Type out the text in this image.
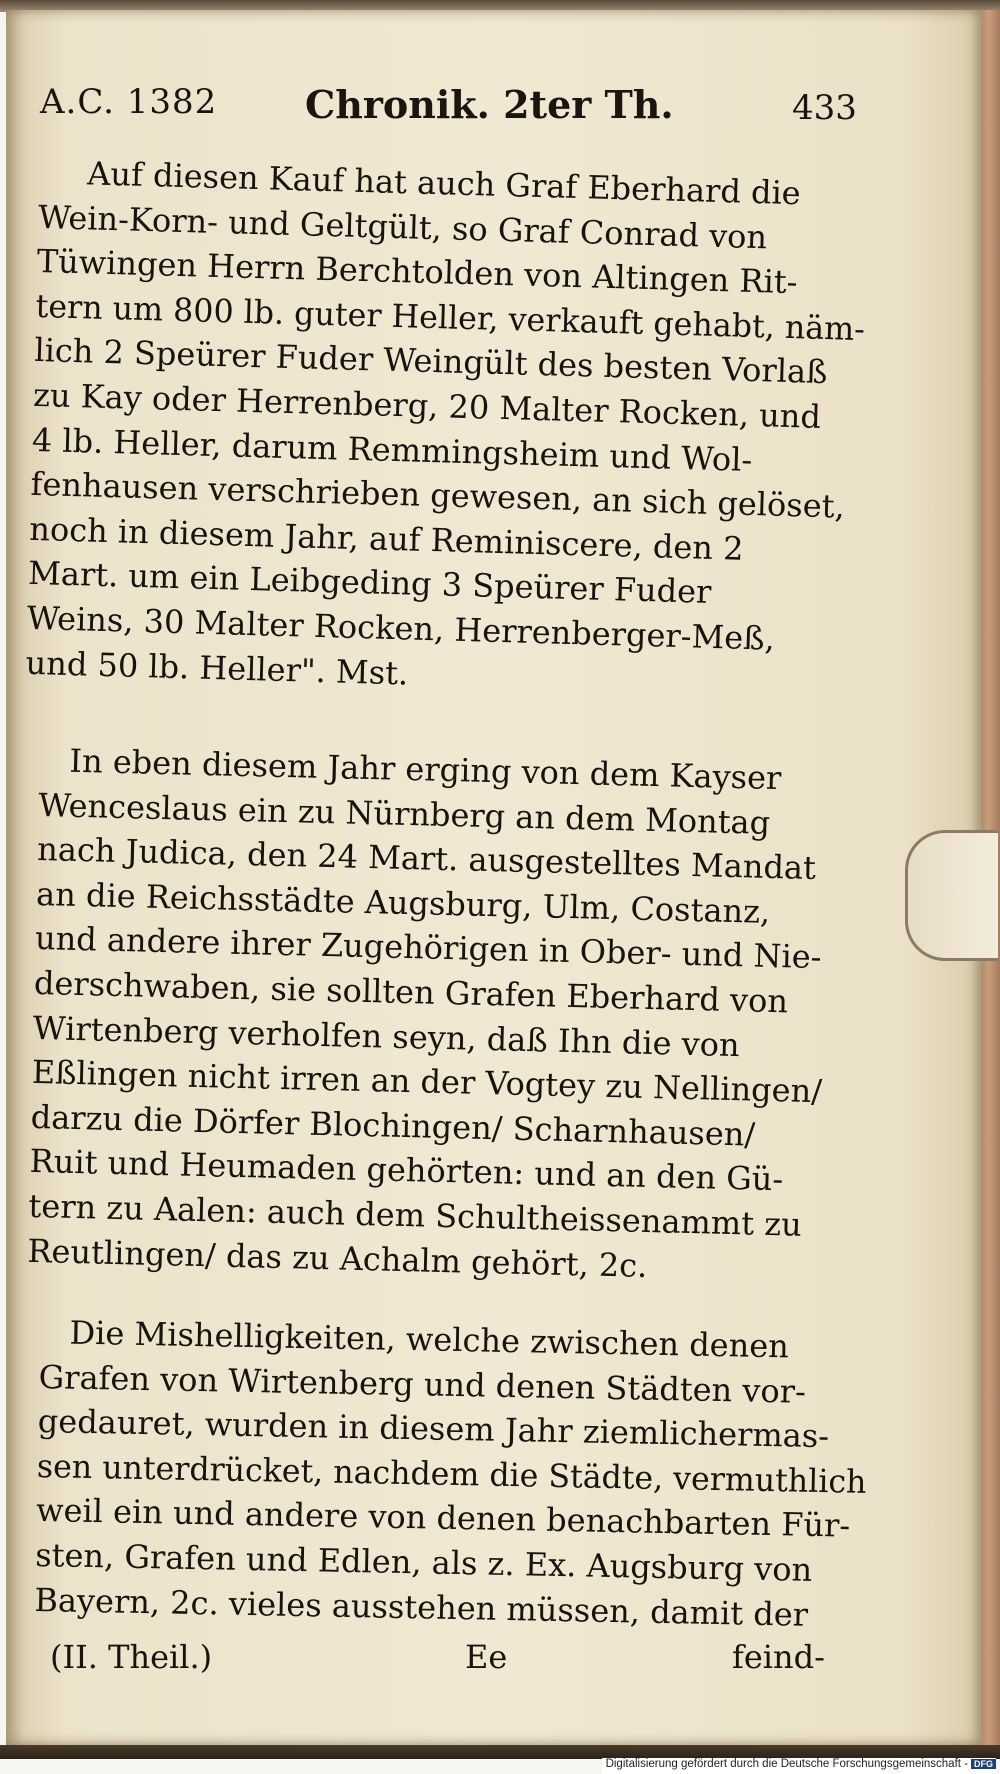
A.C. 1382 Chronik. 2ter Th.	433
Auf diesen Kauf hat auch Graf Eberhard die
Wein-Korn- und Geltgült, so Graf Conrad von
Tüwingen Herrn Berchtolden von Altingen Rit-
tern um 800 lb. guter Heller, verkauft gehabt, näm-
lich 2 Speürer Fuder Weingült des besten Vorlaß
zu Kay oder Herrenberg, 20 Malter Rocken, und
4 lb. Heller, darum Remmingsheim und Wol-
fenhausen verschrieben gewesen, an sich gelöset,
noch in diesem Jahr, auf Reminiscere, den 2
Mart. um ein Leibgeding 3 Speürer Fuder
Weins, 30 Malter Rocken, Herrenberger-Meß,
und 50 lb. Heller". Mst.
In eben diesem Jahr erging von dem Kayser
Wenceslaus ein zu Nürnberg an dem Montag
nach Judica, den 24 Mart. ausgestelltes Mandat
an die Reichsstädte Augsburg, Ulm, Costanz,
und andere ihrer Zugehörigen in Ober- und Nie-
derschwaben, sie sollten Grafen Eberhard von
Wirtenberg verholfen seyn, daß Ihn die von
Eßlingen nicht irren an der Vogtey zu Nellingen/
darzu die Dörfer Blochingen/ Scharnhausen/
Ruit und Heumaden gehörten: und an den Gü-
tern zu Aalen: auch dem Schultheissenammt zu
Reutlingen/ das zu Achalm gehört, 2c.
Die Mishelligkeiten, welche zwischen denen
Grafen von Wirtenberg und denen Städten vor-
gedauret, wurden in diesem Jahr ziemlichermas-
sen unterdrücket, nachdem die Städte, vermuthlich
weil ein und andere von denen benachbarten Für-
sten, Grafen und Edlen, als z. Ex. Augsburg von
Bayern, 2c. vieles ausstehen müssen, damit der
(II. Theil.)	Ee	feind-
Digitalisierung gefördert durch die Deutsche Forschungsgemeinschaft - DFG
